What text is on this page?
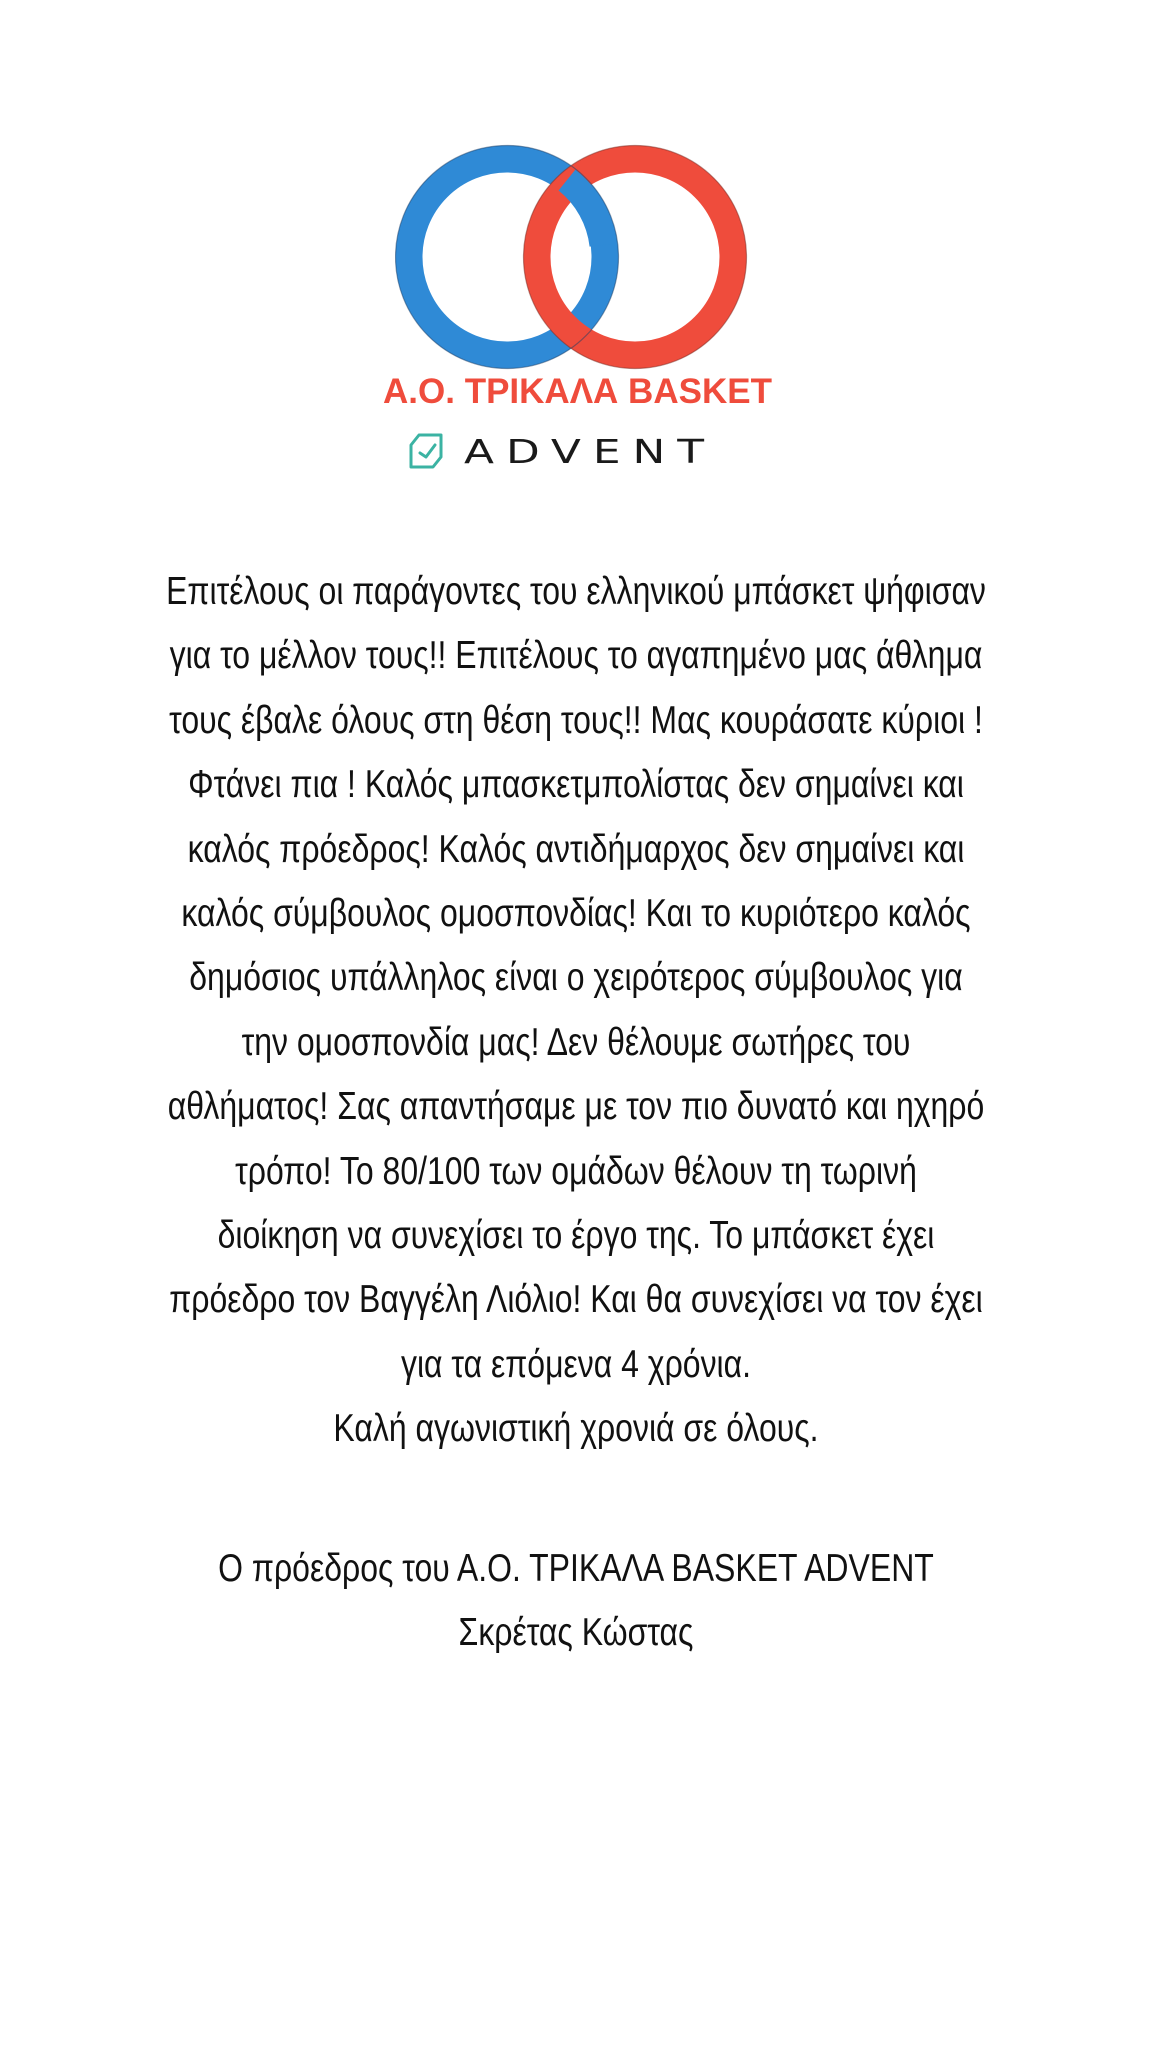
Α.Ο. ΤΡΙΚΑΛΑ BASKET
ADVENT
Επιτέλους οι παράγοντες του ελληνικού μπάσκετ ψήφισαν
για το μέλλον τους!! Επιτέλους το αγαπημένο μας άθλημα
τους έβαλε όλους στη θέση τους!! Μας κουράσατε κύριοι !
Φτάνει πια ! Καλός μπασκετμπολίστας δεν σημαίνει και
καλός πρόεδρος! Καλός αντιδήμαρχος δεν σημαίνει και
καλός σύμβουλος ομοσπονδίας! Και το κυριότερο καλός
δημόσιος υπάλληλος είναι ο χειρότερος σύμβουλος για
την ομοσπονδία μας! Δεν θέλουμε σωτήρες του
αθλήματος! Σας απαντήσαμε με τον πιο δυνατό και ηχηρό
τρόπο! Το 80/100 των ομάδων θέλουν τη τωρινή
διοίκηση να συνεχίσει το έργο της. Το μπάσκετ έχει
πρόεδρο τον Βαγγέλη Λιόλιο! Και θα συνεχίσει να τον έχει
για τα επόμενα 4 χρόνια.
Καλή αγωνιστική χρονιά σε όλους.
Ο πρόεδρος του Α.Ο. ΤΡΙΚΑΛΑ BASKET ADVENT
Σκρέτας Κώστας
